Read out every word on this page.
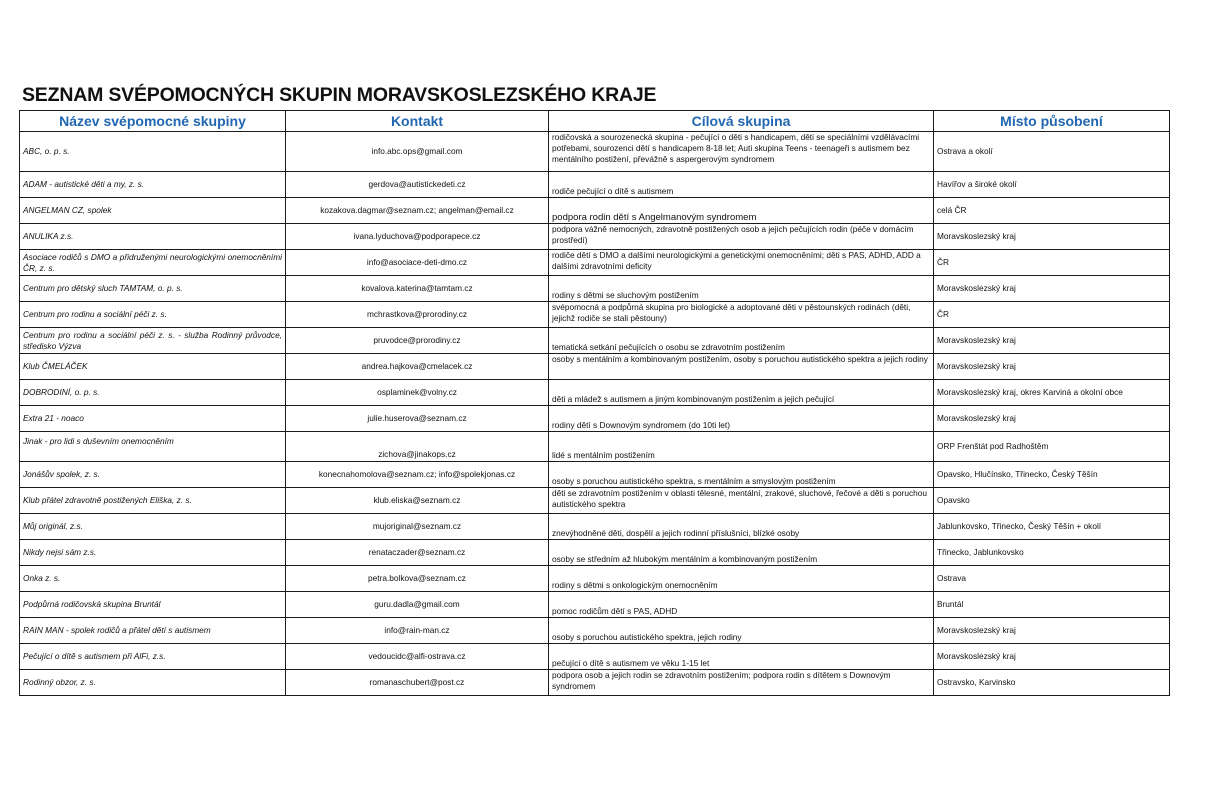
SEZNAM SVÉPOMOCNÝCH SKUPIN MORAVSKOSLEZSKÉHO KRAJE
Název svépomocné skupiny	Kontakt	Cílová skupina	Místo působení
ABC, o. p. s.	info.abc.ops@gmail.com	rodičovská a sourozenecká skupina - pečující o děti s handicapem, děti se speciálními vzdělávacími potřebami, sourozenci dětí s handicapem 8-18 let; Auti skupina Teens - teenageři s autismem bez mentálního postižení, převážně s aspergerovým syndromem	Ostrava a okolí
ADAM - autistické děti a my, z. s.	gerdova@autistickedeti.cz	rodiče pečující o dítě s autismem	Havířov a široké okolí
ANGELMAN CZ, spolek	kozakova.dagmar@seznam.cz; angelman@email.cz	podpora rodin dětí s Angelmanovým syndromem	celá ČR
ANULIKA z.s.	ivana.lyduchova@podporapece.cz	podpora vážně nemocných, zdravotně postižených osob a jejich pečujících rodin (péče v domácím prostředí)	Moravskoslezský kraj
Asociace rodičů s DMO a přidruženými neurologickými onemocněními ČR, z. s.	info@asociace-deti-dmo.cz	rodiče dětí s DMO a dalšími neurologickými a genetickými onemocněními; děti s PAS, ADHD, ADD a dalšími zdravotními deficity	ČR
Centrum pro dětský sluch TAMTAM, o. p. s.	kovalova.katerina@tamtam.cz	rodiny s dětmi se sluchovým postižením	Moravskoslezský kraj
Centrum pro rodinu a sociální péči z. s.	mchrastkova@prorodiny.cz	svépomocná a podpůrná skupina pro biologické a adoptované děti v pěstounských rodinách (děti, jejichž rodiče se stali pěstouny)	ČR
Centrum pro rodinu a sociální péči z. s. - služba Rodinný průvodce, středisko Výzva	pruvodce@prorodiny.cz	tematická setkání pečujících o osobu se zdravotním postižením	Moravskoslezský kraj
Klub ČMELÁČEK	andrea.hajkova@cmelacek.cz	osoby s mentálním a kombinovaným postižením, osoby s poruchou autistického spektra a jejich rodiny	Moravskoslezský kraj
DOBRODINÍ, o. p. s.	osplaminek@volny.cz	děti a mládež s autismem a jiným kombinovaným postižením a jejich pečující	Moravskoslezský kraj, okres Karviná a okolní obce
Extra 21 - noaco	julie.huserova@seznam.cz	rodiny dětí s Downovým syndromem (do 10ti let)	Moravskoslezský kraj
Jinak - pro lidi s duševním onemocněním	zichova@jinakops.cz	lidé s mentálním postižením	ORP Frenštát pod Radhoštěm
Jonášův spolek, z. s.	konecnahomolova@seznam.cz; info@spolekjonas.cz	osoby s poruchou autistického spektra, s mentálním a smyslovým postižením	Opavsko, Hlučínsko, Třinecko, Český Těšín
Klub přátel zdravotně postižených Eliška, z. s.	klub.eliska@seznam.cz	děti se zdravotním postižením v oblasti tělesné, mentální, zrakové, sluchové, řečové a děti s poruchou autistického spektra	Opavsko
Můj originál, z.s.	mujoriginal@seznam.cz	znevýhodněné děti, dospělí a jejich rodinní příslušníci, blízké osoby	Jablunkovsko, Třinecko, Český Těšín + okolí
Nikdy nejsi sám z.s.	renataczader@seznam.cz	osoby se středním až hlubokým mentálním a kombinovaným postižením	Třinecko, Jablunkovsko
Onka z. s.	petra.bolkova@seznam.cz	rodiny s dětmi s onkologickým onemocněním	Ostrava
Podpůrná rodičovská skupina Bruntál	guru.dadla@gmail.com	pomoc rodičům dětí s PAS, ADHD	Bruntál
RAIN MAN - spolek rodičů a přátel dětí s autismem	info@rain-man.cz	osoby s poruchou autistického spektra, jejich rodiny	Moravskoslezský kraj
Pečující o dítě s autismem při AlFi, z.s.	vedoucidc@alfi-ostrava.cz	pečující o dítě s autismem ve věku 1-15 let	Moravskoslezský kraj
Rodinný obzor, z. s.	romanaschubert@post.cz	podpora osob a jejich rodin se zdravotním postižením; podpora rodin s dítětem s Downovým syndromem	Ostravsko, Karvinsko
